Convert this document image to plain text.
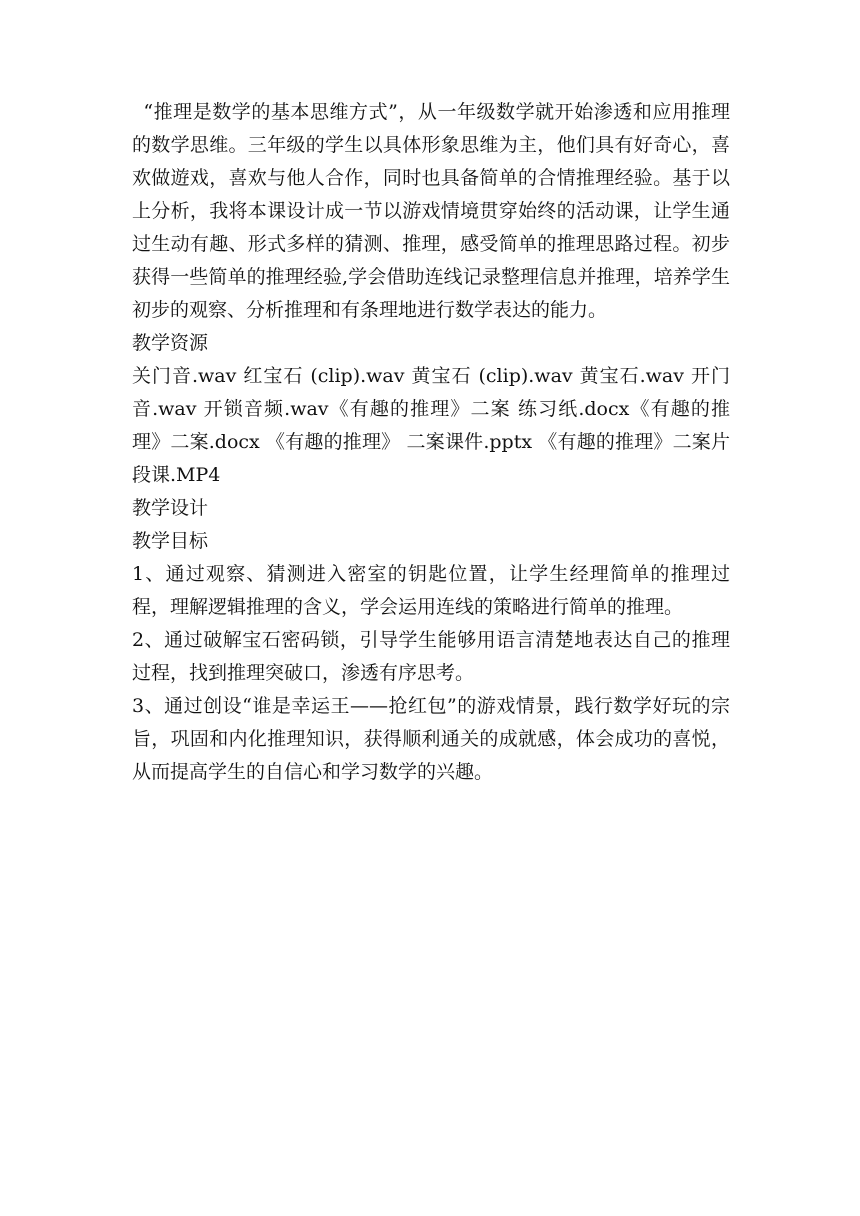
“推理是数学的基本思维方式”，从一年级数学就开始渗透和应用推理的数学思维。三年级的学生以具体形象思维为主，他们具有好奇心，喜欢做遊戏，喜欢与他人合作，同时也具备简单的合情推理经验。基于以上分析，我将本课设计成一节以游戏情境贯穿始终的活动课，让学生通过生动有趣、形式多样的猜测、推理，感受简单的推理思路过程。初步获得一些简单的推理经验,学会借助连线记录整理信息并推理，培养学生初步的观察、分析推理和有条理地进行数学表达的能力。

教学资源

关门音.wav 红宝石 (clip).wav 黄宝石 (clip).wav 黄宝石.wav 开门音.wav 开锁音频.wav《有趣的推理》二案 练习纸.docx《有趣的推理》二案.docx 《有趣的推理》 二案课件.pptx 《有趣的推理》二案片段课.MP4

教学设计

教学目标

1、通过观察、猜测进入密室的钥匙位置，让学生经理简单的推理过程，理解逻辑推理的含义，学会运用连线的策略进行简单的推理。

2、通过破解宝石密码锁，引导学生能够用语言清楚地表达自己的推理过程，找到推理突破口，渗透有序思考。

3、通过创设“谁是幸运王——抢红包”的游戏情景，践行数学好玩的宗旨，巩固和内化推理知识，获得顺利通关的成就感，体会成功的喜悦，从而提高学生的自信心和学习数学的兴趣。
